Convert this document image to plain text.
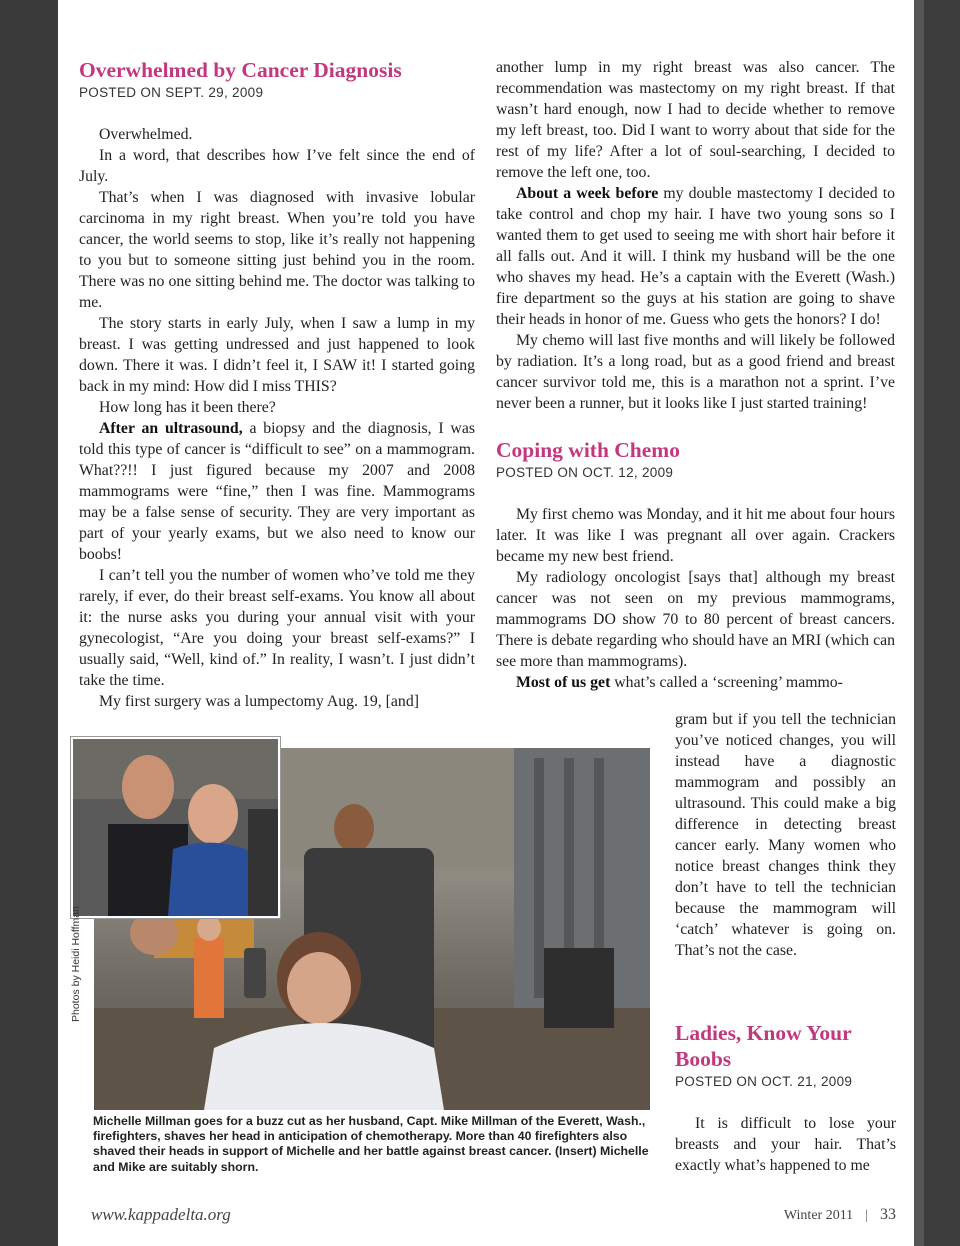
Overwhelmed by Cancer Diagnosis
POSTED ON SEPT. 29, 2009

Overwhelmed.

In a word, that describes how I’ve felt since the end of July.

That’s when I was diagnosed with invasive lobular carcinoma in my right breast. When you’re told you have cancer, the world seems to stop, like it’s really not happening to you but to someone sitting just behind you in the room. There was no one sitting behind me. The doctor was talking to me.

The story starts in early July, when I saw a lump in my breast. I was getting undressed and just happened to look down. There it was. I didn’t feel it, I SAW it! I started going back in my mind: How did I miss THIS?

How long has it been there?

After an ultrasound, a biopsy and the diagnosis, I was told this type of cancer is “difficult to see” on a mammogram. What??!! I just figured because my 2007 and 2008 mammograms were “fine,” then I was fine. Mammograms may be a false sense of security. They are very important as part of your yearly exams, but we also need to know our boobs!

I can’t tell you the number of women who’ve told me they rarely, if ever, do their breast self-exams. You know all about it: the nurse asks you during your annual visit with your gynecologist, “Are you doing your breast self-exams?” I usually said, “Well, kind of.” In reality, I wasn’t. I just didn’t take the time.

My first surgery was a lumpectomy Aug. 19, [and]

another lump in my right breast was also cancer. The recommendation was mastectomy on my right breast. If that wasn’t hard enough, now I had to decide whether to remove my left breast, too. Did I want to worry about that side for the rest of my life? After a lot of soul-searching, I decided to remove the left one, too.

About a week before my double mastectomy I decided to take control and chop my hair. I have two young sons so I wanted them to get used to seeing me with short hair before it all falls out. And it will. I think my husband will be the one who shaves my head. He’s a captain with the Everett (Wash.) fire department so the guys at his station are going to shave their heads in honor of me. Guess who gets the honors? I do!

My chemo will last five months and will likely be followed by radiation. It’s a long road, but as a good friend and breast cancer survivor told me, this is a marathon not a sprint. I’ve never been a runner, but it looks like I just started training!

Coping with Chemo
POSTED ON OCT. 12, 2009

My first chemo was Monday, and it hit me about four hours later. It was like I was pregnant all over again. Crackers became my new best friend.

My radiology oncologist [says that] although my breast cancer was not seen on my previous mammograms, mammograms DO show 70 to 80 percent of breast cancers. There is debate regarding who should have an MRI (which can see more than mammograms).

Most of us get what’s called a ‘screening’ mammo-

gram but if you tell the technician you’ve noticed changes, you will instead have a diagnostic mammogram and possibly an ultrasound. This could make a big difference in detecting breast cancer early. Many women who notice breast changes think they don’t have to tell the technician because the mammogram will ‘catch’ whatever is going on. That’s not the case.

Ladies, Know Your Boobs
POSTED ON OCT. 21, 2009

It is difficult to lose your breasts and your hair. That’s exactly what’s happened to me

Photos by Heidi Hoffman
Michelle Millman goes for a buzz cut as her husband, Capt. Mike Millman of the Everett, Wash., firefighters, shaves her head in anticipation of chemotherapy. More than 40 firefighters also shaved their heads in support of Michelle and her battle against breast cancer. (Insert) Michelle and Mike are suitably shorn.
www.kappadelta.org	Winter 2011 | 33
